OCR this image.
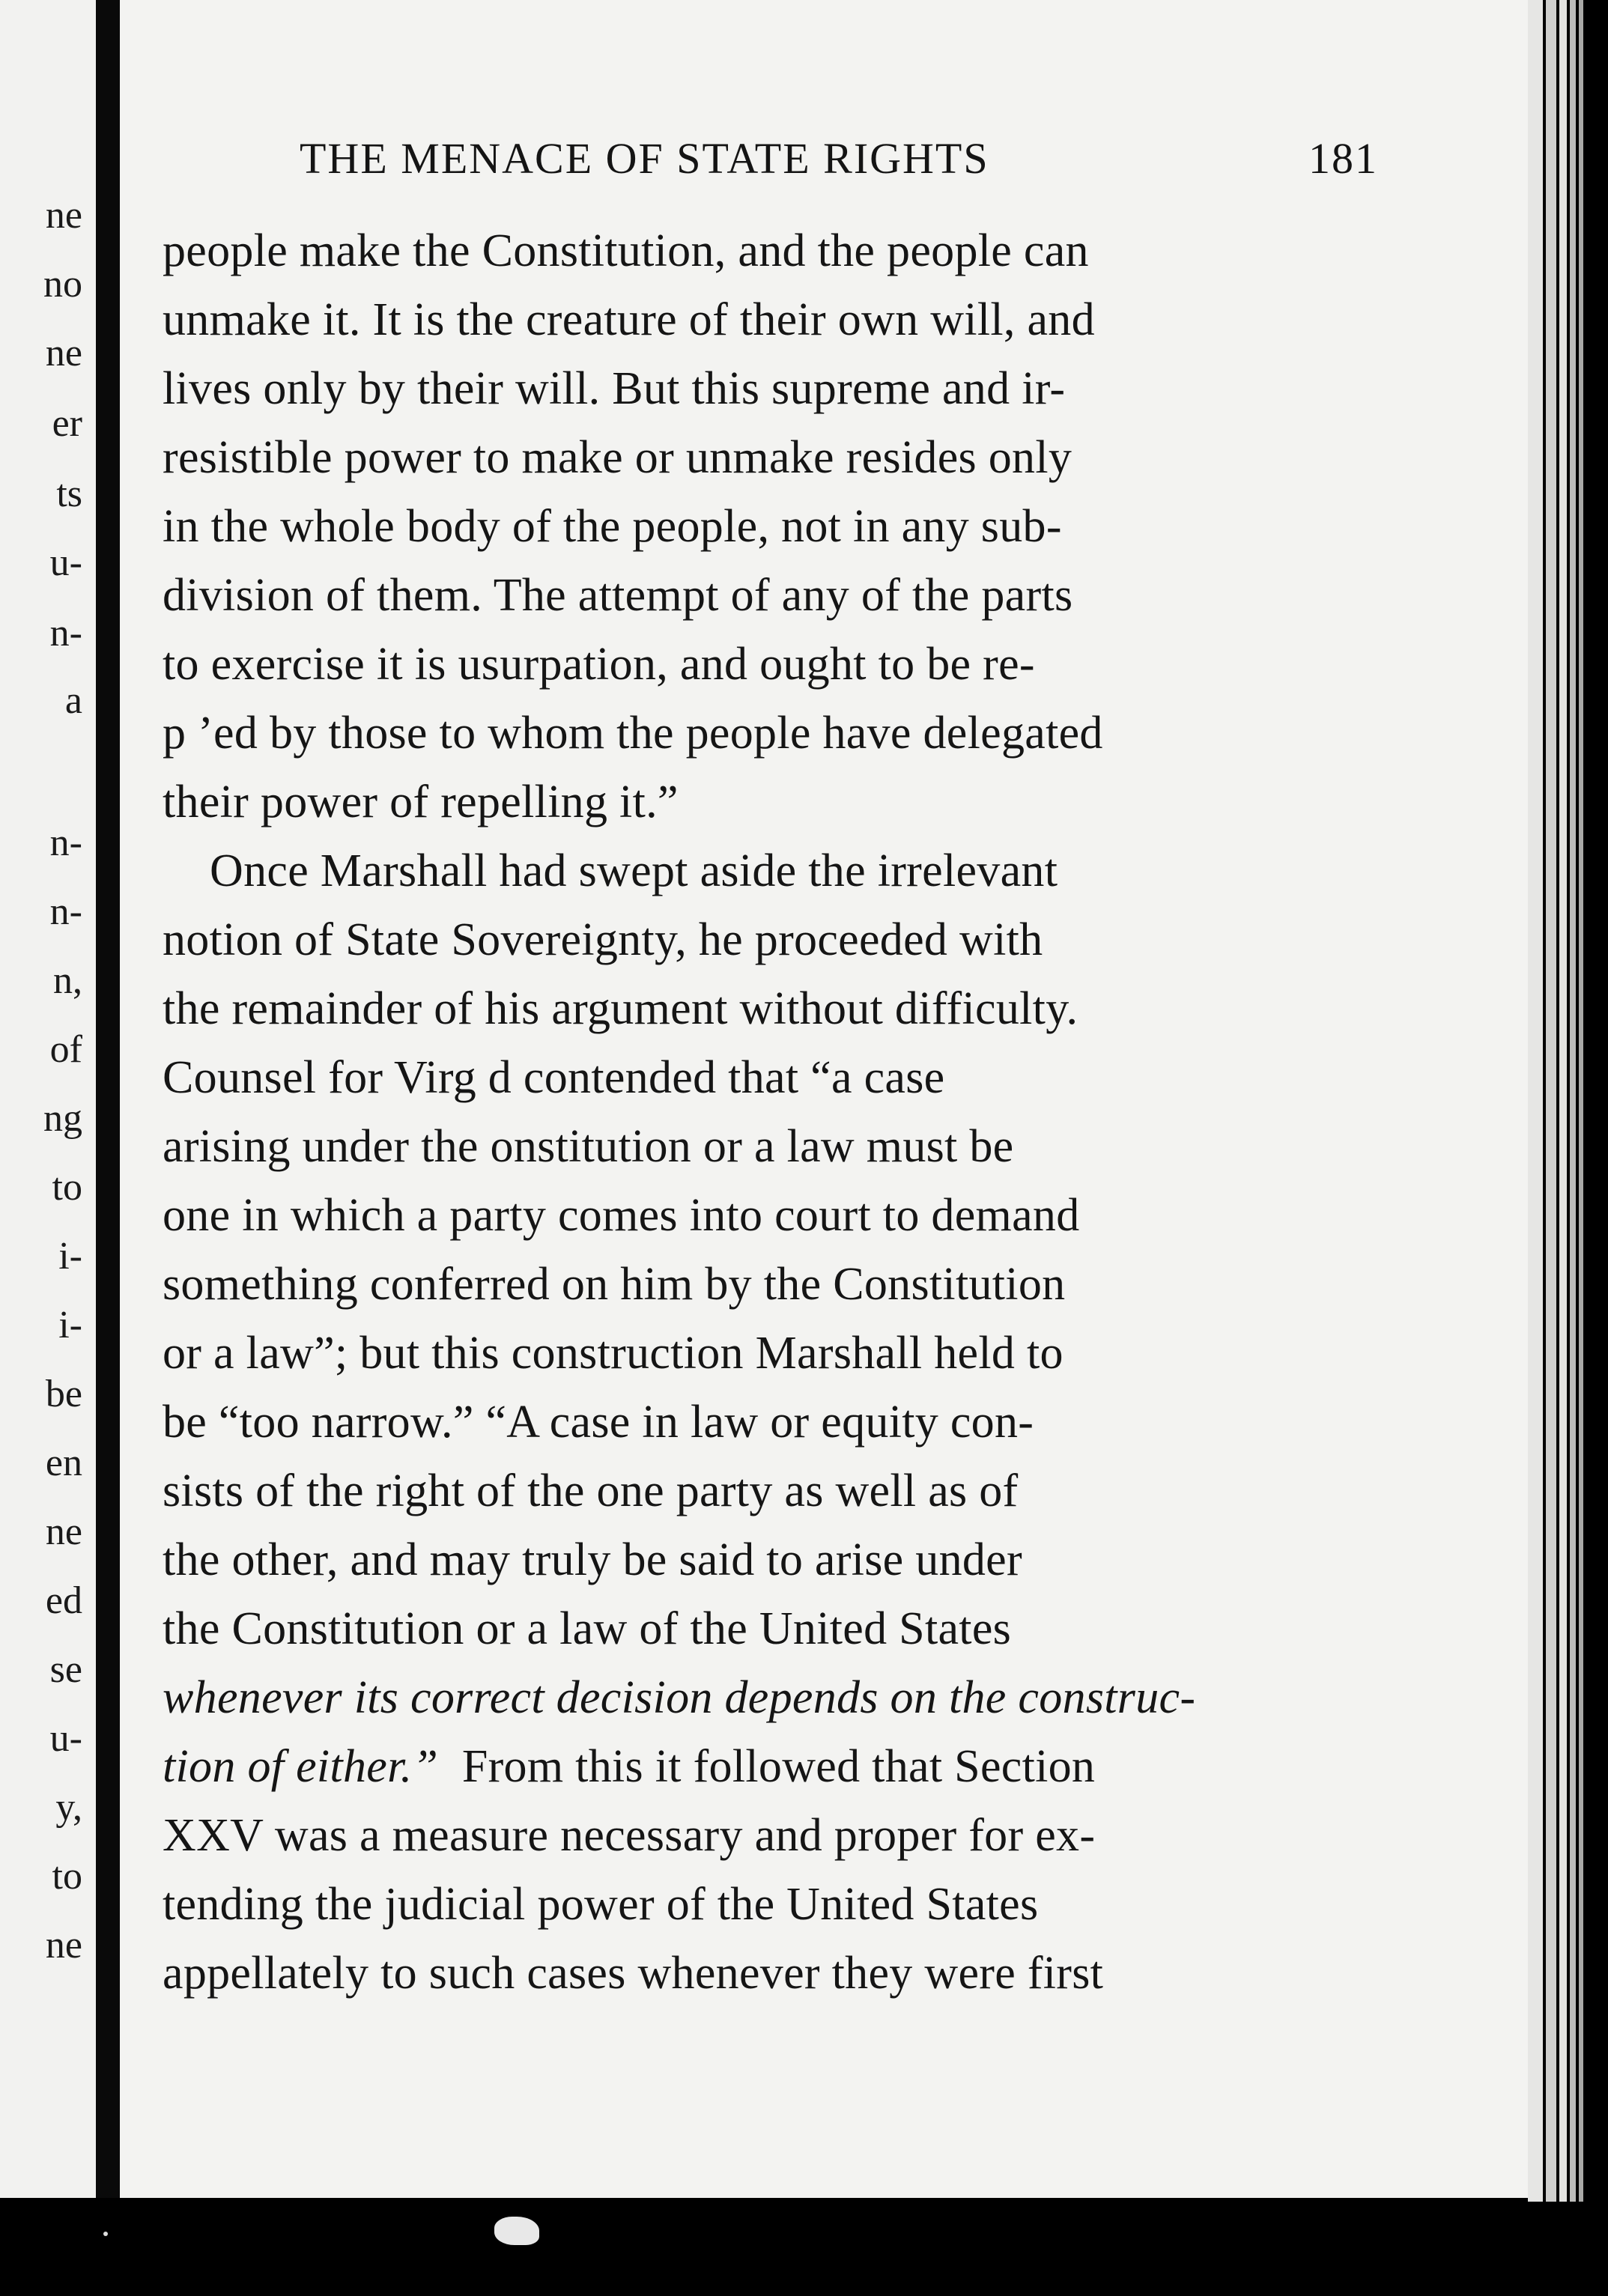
ne
no
ne
er
ts
u-
n-
a
n-
n-
n,
of
ng
to
i-
i-
be
en
ne
ed
se
u-
y,
to
ne
THE MENACE OF STATE RIGHTS	181
people make the Constitution, and the people can
unmake it. It is the creature of their own will, and
lives only by their will. But this supreme and ir-
resistible power to make or unmake resides only
in the whole body of the people, not in any sub-
division of them. The attempt of any of the parts
to exercise it is usurpation, and ought to be re-
p ’ed by those to whom the people have delegated
their power of repelling it.”
Once Marshall had swept aside the irrelevant
notion of State Sovereignty, he proceeded with
the remainder of his argument without difficulty.
Counsel for Virg d contended that “a case
arising under the onstitution or a law must be
one in which a party comes into court to demand
something conferred on him by the Constitution
or a law”; but this construction Marshall held to
be “too narrow.” “A case in law or equity con-
sists of the right of the one party as well as of
the other, and may truly be said to arise under
the Constitution or a law of the United States
whenever its correct decision depends on the construc-
tion of either.” From this it followed that Section
XXV was a measure necessary and proper for ex-
tending the judicial power of the United States
appellately to such cases whenever they were first
